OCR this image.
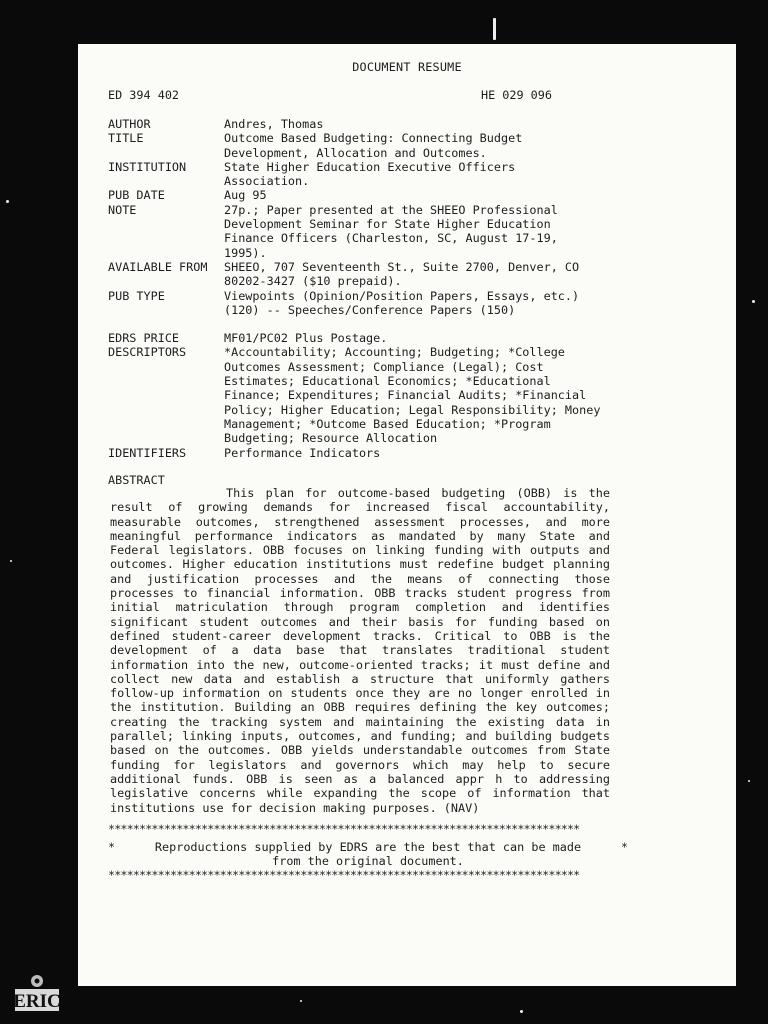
DOCUMENT RESUME
ED 394 402	HE 029 096
AUTHOR	Andres, Thomas
TITLE	Outcome Based Budgeting: Connecting Budget
Development, Allocation and Outcomes.
INSTITUTION	State Higher Education Executive Officers
Association.
PUB DATE	Aug 95
NOTE	27p.; Paper presented at the SHEEO Professional
Development Seminar for State Higher Education
Finance Officers (Charleston, SC, August 17-19,
1995).
AVAILABLE FROM	SHEEO, 707 Seventeenth St., Suite 2700, Denver, CO
80202-3427 ($10 prepaid).
PUB TYPE	Viewpoints (Opinion/Position Papers, Essays, etc.)
(120) -- Speeches/Conference Papers (150)
EDRS PRICE	MF01/PC02 Plus Postage.
DESCRIPTORS	*Accountability; Accounting; Budgeting; *College
Outcomes Assessment; Compliance (Legal); Cost
Estimates; Educational Economics; *Educational
Finance; Expenditures; Financial Audits; *Financial
Policy; Higher Education; Legal Responsibility; Money
Management; *Outcome Based Education; *Program
Budgeting; Resource Allocation
IDENTIFIERS	Performance Indicators
ABSTRACT
This plan for outcome-based budgeting (OBB) is the result of growing demands for increased fiscal accountability, measurable outcomes, strengthened assessment processes, and more meaningful performance indicators as mandated by many State and Federal legislators. OBB focuses on linking funding with outputs and outcomes. Higher education institutions must redefine budget planning and justification processes and the means of connecting those processes to financial information. OBB tracks student progress from initial matriculation through program completion and identifies significant student outcomes and their basis for funding based on defined student-career development tracks. Critical to OBB is the development of a data base that translates traditional student information into the new, outcome-oriented tracks; it must define and collect new data and establish a structure that uniformly gathers follow-up information on students once they are no longer enrolled in the institution. Building an OBB requires defining the key outcomes; creating the tracking system and maintaining the existing data in parallel; linking inputs, outcomes, and funding; and building budgets based on the outcomes. OBB yields understandable outcomes from State funding for legislators and governors which may help to secure additional funds. OBB is seen as a balanced appr h to addressing legislative concerns while expanding the scope of information that institutions use for decision making purposes. (NAV)
****************************************************************************
*	Reproductions supplied by EDRS are the best that can be made
from the original document.
*
****************************************************************************
ERIC
